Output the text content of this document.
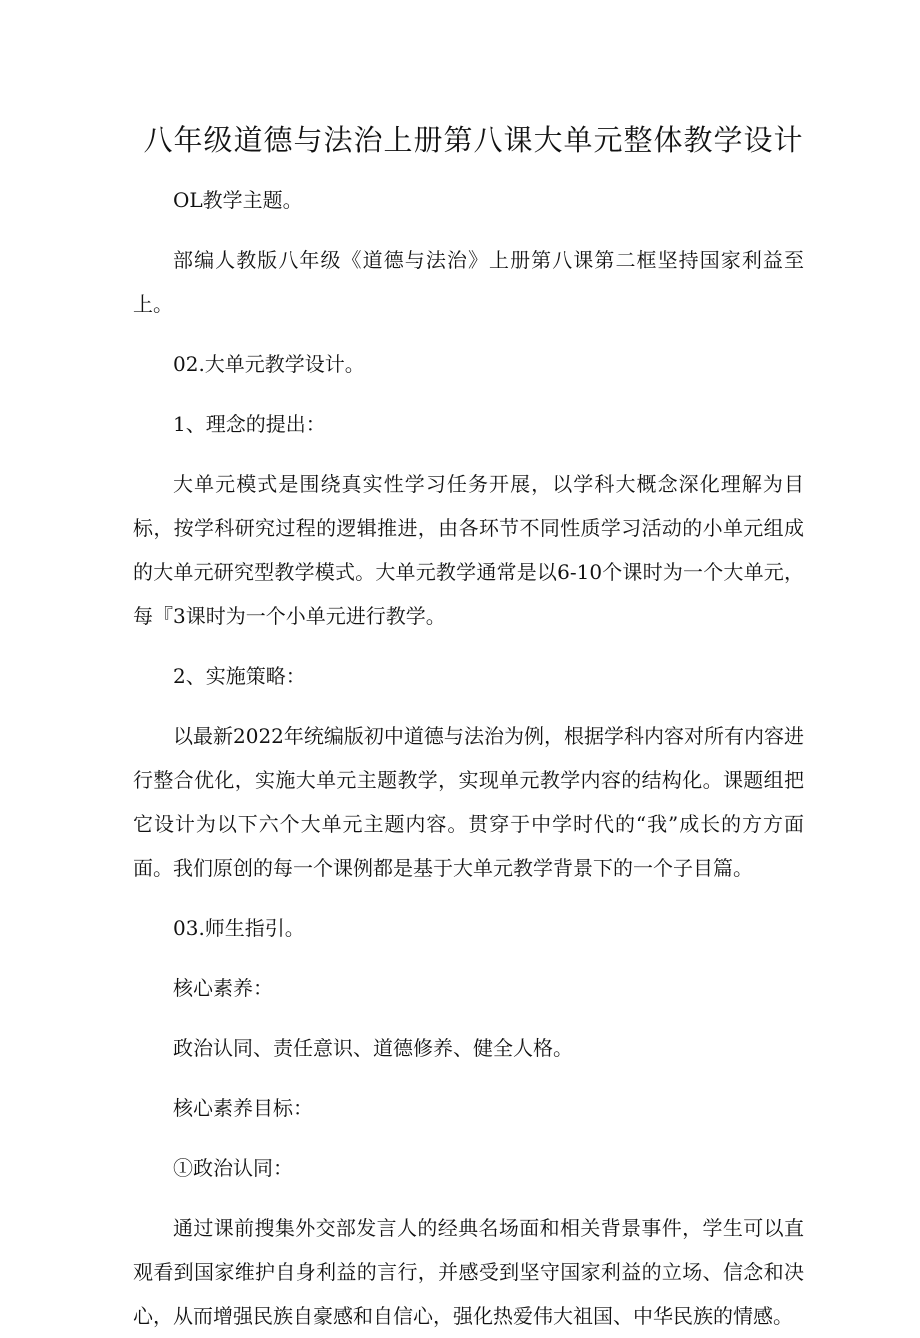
八年级道德与法治上册第八课大单元整体教学设计

OL教学主题。

部编人教版八年级《道德与法治》上册第八课第二框坚持国家利益至上。

02.大单元教学设计。

1、理念的提出：

大单元模式是围绕真实性学习任务开展，以学科大概念深化理解为目标，按学科研究过程的逻辑推进，由各环节不同性质学习活动的小单元组成的大单元研究型教学模式。大单元教学通常是以6-10个课时为一个大单元，每『3课时为一个小单元进行教学。

2、实施策略：

以最新2022年统编版初中道德与法治为例，根据学科内容对所有内容进行整合优化，实施大单元主题教学，实现单元教学内容的结构化。课题组把它设计为以下六个大单元主题内容。贯穿于中学时代的“我”成长的方方面面。我们原创的每一个课例都是基于大单元教学背景下的一个子目篇。

03.师生指引。

核心素养：

政治认同、责任意识、道德修养、健全人格。

核心素养目标：

①政治认同：

通过课前搜集外交部发言人的经典名场面和相关背景事件，学生可以直观看到国家维护自身利益的言行，并感受到坚守国家利益的立场、信念和决心，从而增强民族自豪感和自信心，强化热爱伟大祖国、中华民族的情感。
